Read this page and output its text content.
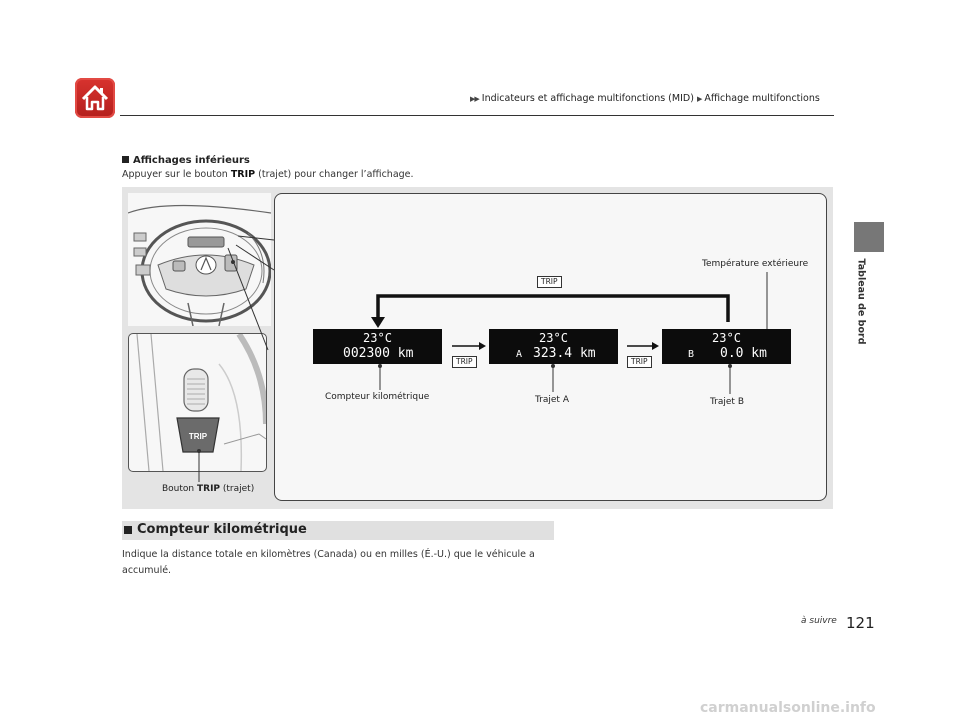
▶▶ Indicateurs et affichage multifonctions (MID) ▶ Affichage multifonctions
Tableau de bord
Affichages inférieurs
Appuyer sur le bouton TRIP (trajet) pour changer l’affichage.
TRIP
Bouton TRIP (trajet)
TRIP
TRIP	TRIP
23°C
002300 km
23°C
A 323.4 km
23°C
B 0.0 km
Température extérieure
Compteur kilométrique	Trajet A	Trajet B
Compteur kilométrique
Indique la distance totale en kilomètres (Canada) ou en milles (É.-U.) que le véhicule a accumulé.
à suivre 121
carmanualsonline.info
